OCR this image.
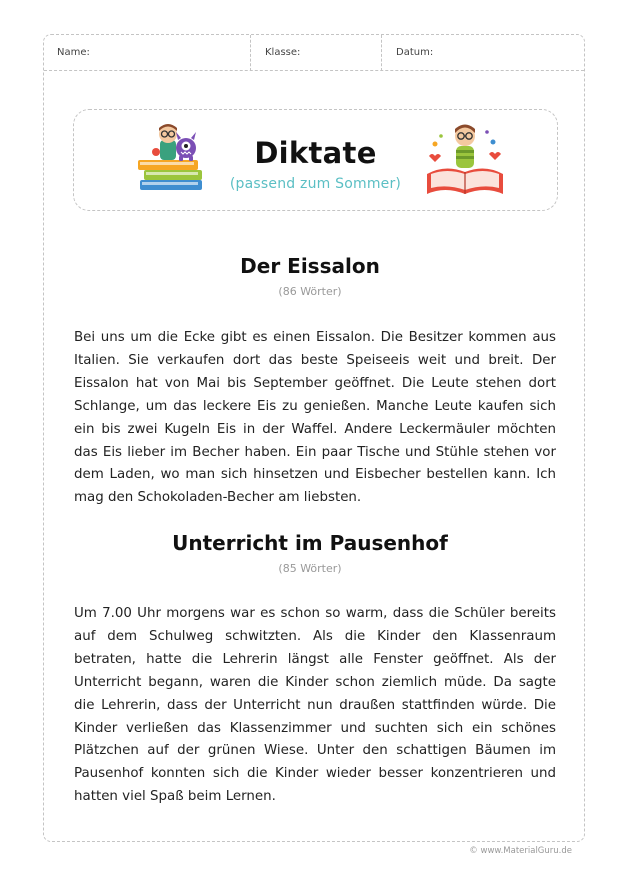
Name:	Klasse:	Datum:
Diktate
(passend zum Sommer)
Der Eissalon
(86 Wörter)
Bei uns um die Ecke gibt es einen Eissalon. Die Besitzer kommen aus Italien. Sie verkaufen dort das beste Speiseeis weit und breit. Der Eissalon hat von Mai bis September geöffnet. Die Leute stehen dort Schlange, um das leckere Eis zu genießen. Manche Leute kaufen sich ein bis zwei Kugeln Eis in der Waffel. Andere Leckermäuler möchten das Eis lieber im Becher haben. Ein paar Tische und Stühle stehen vor dem Laden, wo man sich hinsetzen und Eisbecher bestellen kann. Ich mag den Schokoladen-Becher am liebsten.
Unterricht im Pausenhof
(85 Wörter)
Um 7.00 Uhr morgens war es schon so warm, dass die Schüler bereits auf dem Schulweg schwitzten. Als die Kinder den Klassenraum betraten, hatte die Lehrerin längst alle Fenster geöffnet. Als der Unterricht begann, waren die Kinder schon ziemlich müde. Da sagte die Lehrerin, dass der Unterricht nun draußen stattfinden würde. Die Kinder verließen das Klassenzimmer und suchten sich ein schönes Plätzchen auf der grünen Wiese. Unter den schattigen Bäumen im Pausenhof konnten sich die Kinder wieder besser konzentrieren und hatten viel Spaß beim Lernen.
© www.MaterialGuru.de
